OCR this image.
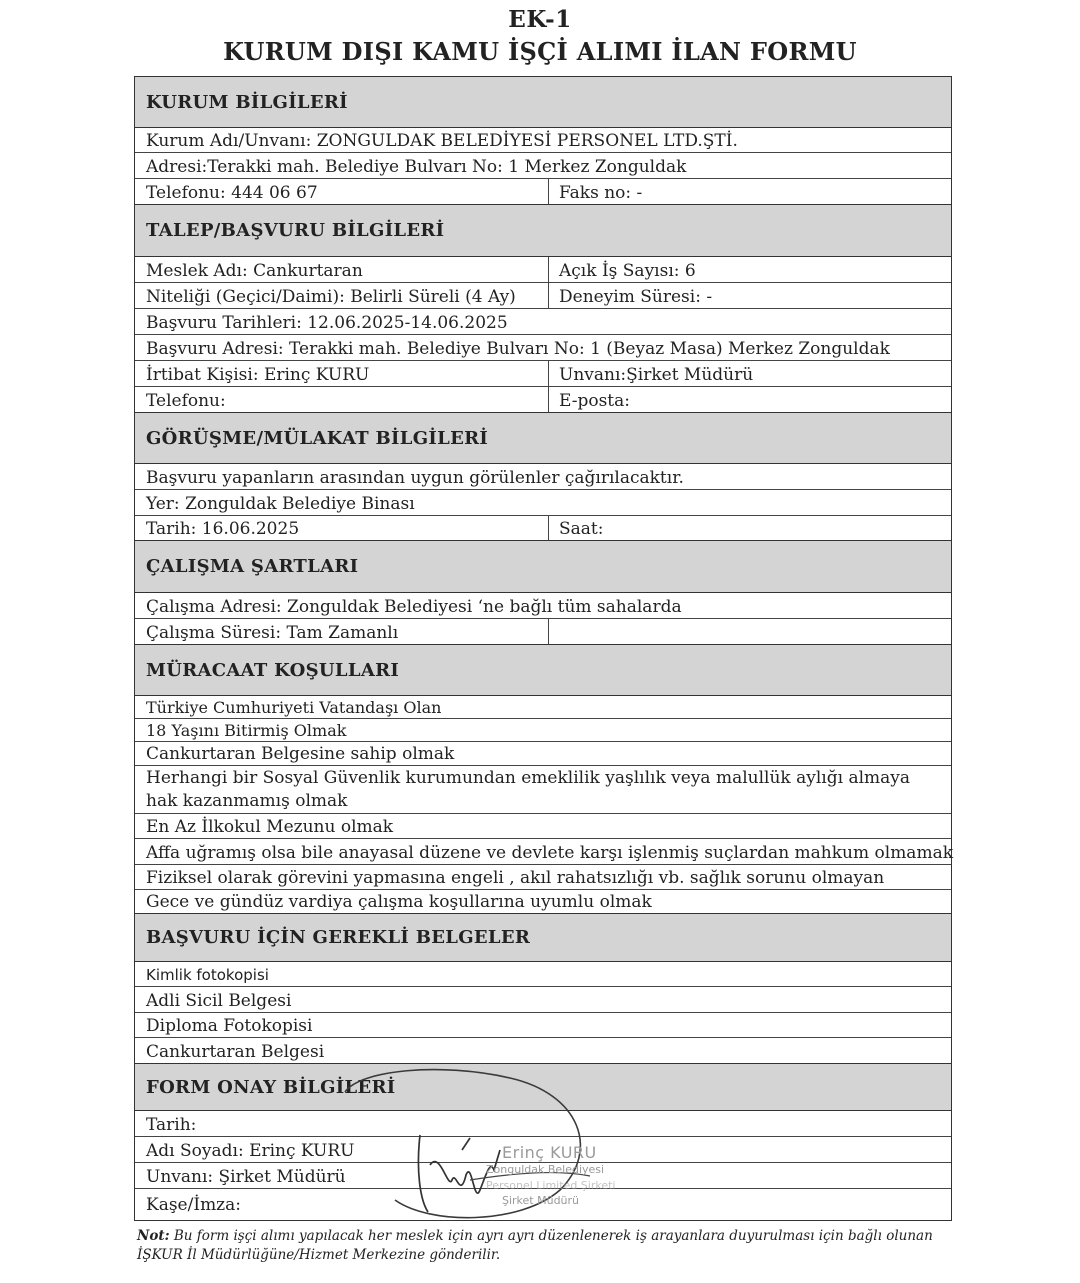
EK-1
KURUM DIŞI KAMU İŞÇİ ALIMI İLAN FORMU
KURUM BİLGİLERİ
Kurum Adı/Unvanı: ZONGULDAK BELEDİYESİ PERSONEL LTD.ŞTİ.
Adresi:Terakki mah. Belediye Bulvarı No: 1 Merkez Zonguldak
Telefonu: 444 06 67	Faks no: -
TALEP/BAŞVURU BİLGİLERİ
Meslek Adı: Cankurtaran	Açık İş Sayısı: 6
Niteliği (Geçici/Daimi): Belirli Süreli (4 Ay)	Deneyim Süresi: -
Başvuru Tarihleri: 12.06.2025-14.06.2025
Başvuru Adresi: Terakki mah. Belediye Bulvarı No: 1 (Beyaz Masa) Merkez Zonguldak
İrtibat Kişisi: Erinç KURU	Unvanı:Şirket Müdürü
Telefonu:	E-posta:
GÖRÜŞME/MÜLAKAT BİLGİLERİ
Başvuru yapanların arasından uygun görülenler çağırılacaktır.
Yer: Zonguldak Belediye Binası
Tarih: 16.06.2025	Saat:
ÇALIŞMA ŞARTLARI
Çalışma Adresi: Zonguldak Belediyesi ‘ne bağlı tüm sahalarda
Çalışma Süresi: Tam Zamanlı
MÜRACAAT KOŞULLARI
Türkiye Cumhuriyeti Vatandaşı Olan
18 Yaşını Bitirmiş Olmak
Cankurtaran Belgesine sahip olmak
Herhangi bir Sosyal Güvenlik kurumundan emeklilik yaşlılık veya malullük aylığı almaya hak kazanmamış olmak
En Az İlkokul Mezunu olmak
Affa uğramış olsa bile anayasal düzene ve devlete karşı işlenmiş suçlardan mahkum olmamak
Fiziksel olarak görevini yapmasına engeli , akıl rahatsızlığı vb. sağlık sorunu olmayan
Gece ve gündüz vardiya çalışma koşullarına uyumlu olmak
BAŞVURU İÇİN GEREKLİ BELGELER
Kimlik fotokopisi
Adli Sicil Belgesi
Diploma Fotokopisi
Cankurtaran Belgesi
FORM ONAY BİLGİLERİ
Tarih:
Adı Soyadı: Erinç KURU
Unvanı: Şirket Müdürü
Kaşe/İmza:
Erinç KURU
Zonguldak Belediyesi
Personel Limited Şirketi
Şirket Müdürü
Not: Bu form işçi alımı yapılacak her meslek için ayrı ayrı düzenlenerek iş arayanlara duyurulması için bağlı olunan İŞKUR İl Müdürlüğüne/Hizmet Merkezine gönderilir.
